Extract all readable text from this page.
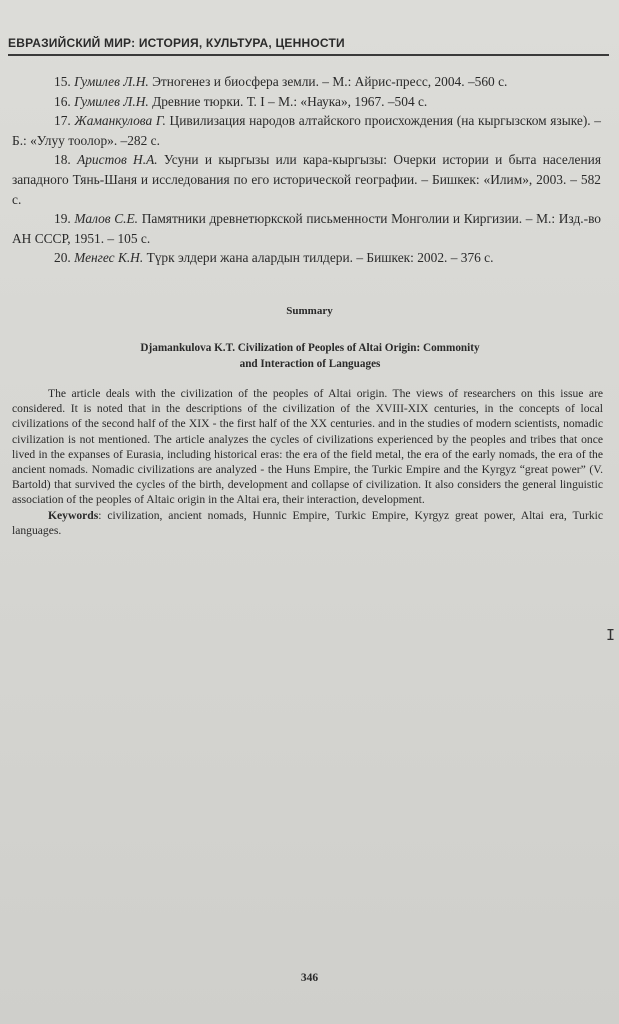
ЕВРАЗИЙСКИЙ МИР: ИСТОРИЯ, КУЛЬТУРА, ЦЕННОСТИ

15. Гумилев Л.Н. Этногенез и биосфера земли. – М.: Айрис-пресс, 2004. –560 с.

16. Гумилев Л.Н. Древние тюрки. Т. I – М.: «Наука», 1967. –504 с.

17. Жаманкулова Г. Цивилизация народов алтайского происхождения (на кыргызском языке). – Б.: «Улуу тоолор». –282 с.

18. Аристов Н.А. Усуни и кыргызы или кара-кыргызы: Очерки истории и быта населения западного Тянь-Шаня и исследования по его исторической географии. – Бишкек: «Илим», 2003. – 582 с.

19. Малов С.Е. Памятники древнетюркской письменности Монголии и Киргизии. – М.: Изд.-во АН СССР, 1951. – 105 с.

20. Менгес К.Н. Түрк элдери жана алардын тилдери. – Бишкек: 2002. – 376 с.

Summary
Djamankulova K.T. Civilization of Peoples of Altai Origin: Commonity
and Interaction of Languages

The article deals with the civilization of the peoples of Altai origin. The views of researchers on this issue are considered. It is noted that in the descriptions of the civilization of the XVIII-XIX centuries, in the concepts of local civilizations of the second half of the XIX - the first half of the XX centuries. and in the studies of modern scientists, nomadic civilization is not mentioned. The article analyzes the cycles of civilizations experienced by the peoples and tribes that once lived in the expanses of Eurasia, including historical eras: the era of the field metal, the era of the early nomads, the era of the ancient nomads. Nomadic civilizations are analyzed - the Huns Empire, the Turkic Empire and the Kyrgyz “great power” (V. Bartold) that survived the cycles of the birth, development and collapse of civilization. It also considers the general linguistic association of the peoples of Altaic origin in the Altai era, their interaction, development.

Keywords: civilization, ancient nomads, Hunnic Empire, Turkic Empire, Kyrgyz great power, Altai era, Turkic languages.

I
346
